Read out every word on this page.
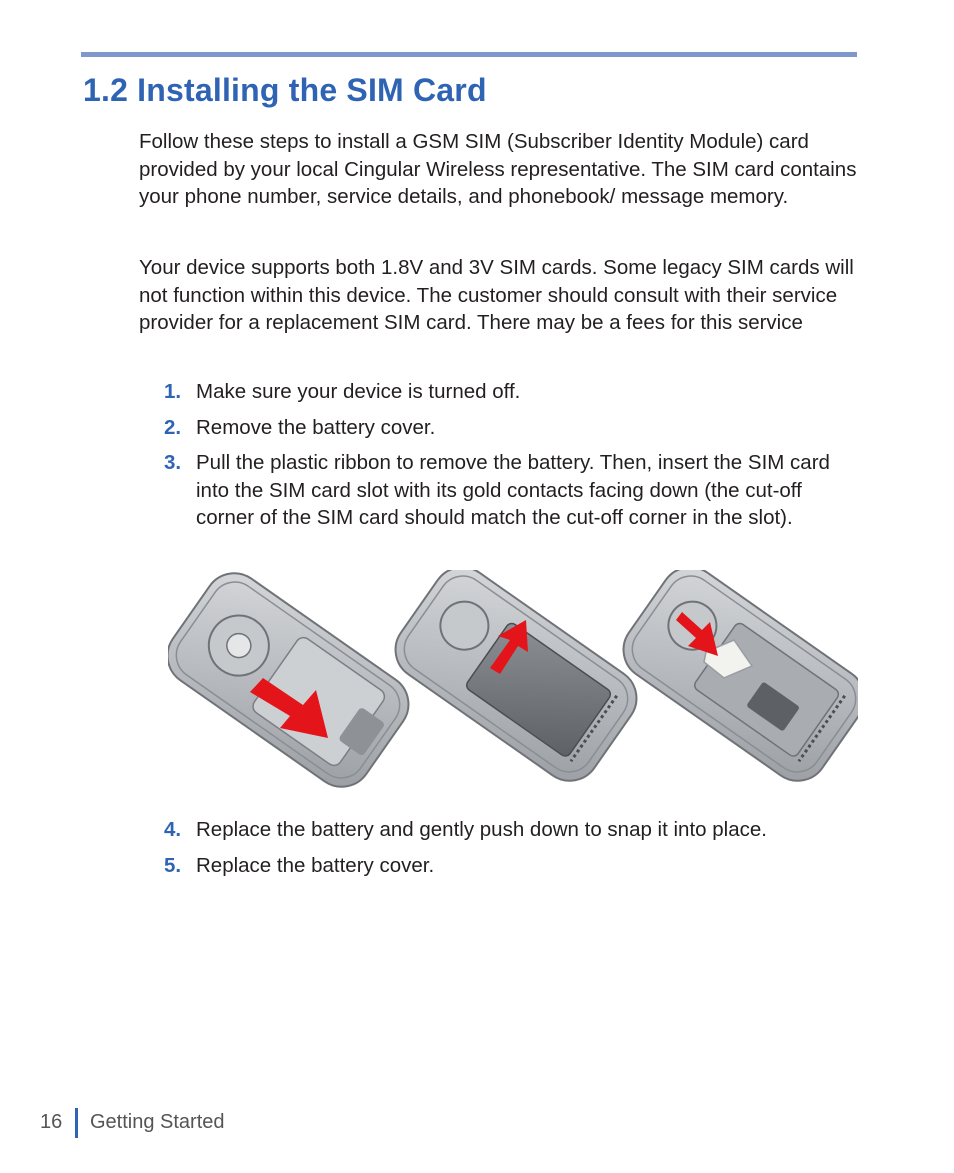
1.2 Installing the SIM Card

Follow these steps to install a GSM SIM (Subscriber Identity Module) card provided by your local Cingular Wireless representative. The SIM card contains your phone number, service details, and phonebook/ message memory.

Your device supports both 1.8V and 3V SIM cards. Some legacy SIM cards will not function within this device. The customer should consult with their service provider for a replacement SIM card. There may be a fees for this service

1. Make sure your device is turned off.
2. Remove the battery cover.
3. Pull the plastic ribbon to remove the battery. Then, insert the SIM card into the SIM card slot with its gold contacts facing down (the cut-off corner of the SIM card should match the cut-off corner in the slot).
4. Replace the battery and gently push down to snap it into place.
5. Replace the battery cover.
16 Getting Started
